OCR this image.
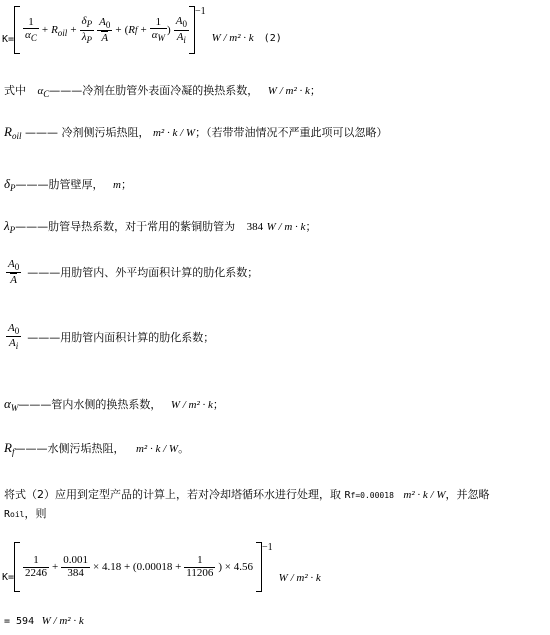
$K= \frac{1}{\alpha_C} + R_{oil} + \frac{\delta_P}{\lambda_P} \frac{A_0}{A}$ + ( R $f + \frac{1}{\alpha_W}$ ) $\frac{A_0}{A_i}$
−1
W / m² · k (2)
式中 $\alpha_C———$冷剂在肋管外表面冷凝的换热系数， W / m² · k；
$R_{oil}$ ——— 冷剂侧污垢热阻， m² · k / W；（若带带油情况不严重此项可以忽略）
$\delta_P———$肋管壁厚， m；
$\lambda_P———$肋管导热系数，对于常用的紫铜肋管为 384 W / m · k；
$\frac{A_0}{A}$ ———用肋管内、外平均面积计算的肋化系数；
$\frac{A_0}{A_i}$ ———用肋管内面积计算的肋化系数；
$\alpha_W———$管内水侧的换热系数， W / m² · k；
$R_f———$水侧污垢热阻， m² · k / W。
将式（2）应用到定型产品的计算上，若对冷却塔循环水进行处理，取 Rf=0.00018 m² · k / W，并忽略
Roil，则
$K= \frac{1}{2246} + \frac{0.001}{384} \times 4.18 + (0.00018 + \frac{1}{11206}$ ) × 4.56
−1
W / m² · k
= 594 W / m² · k
